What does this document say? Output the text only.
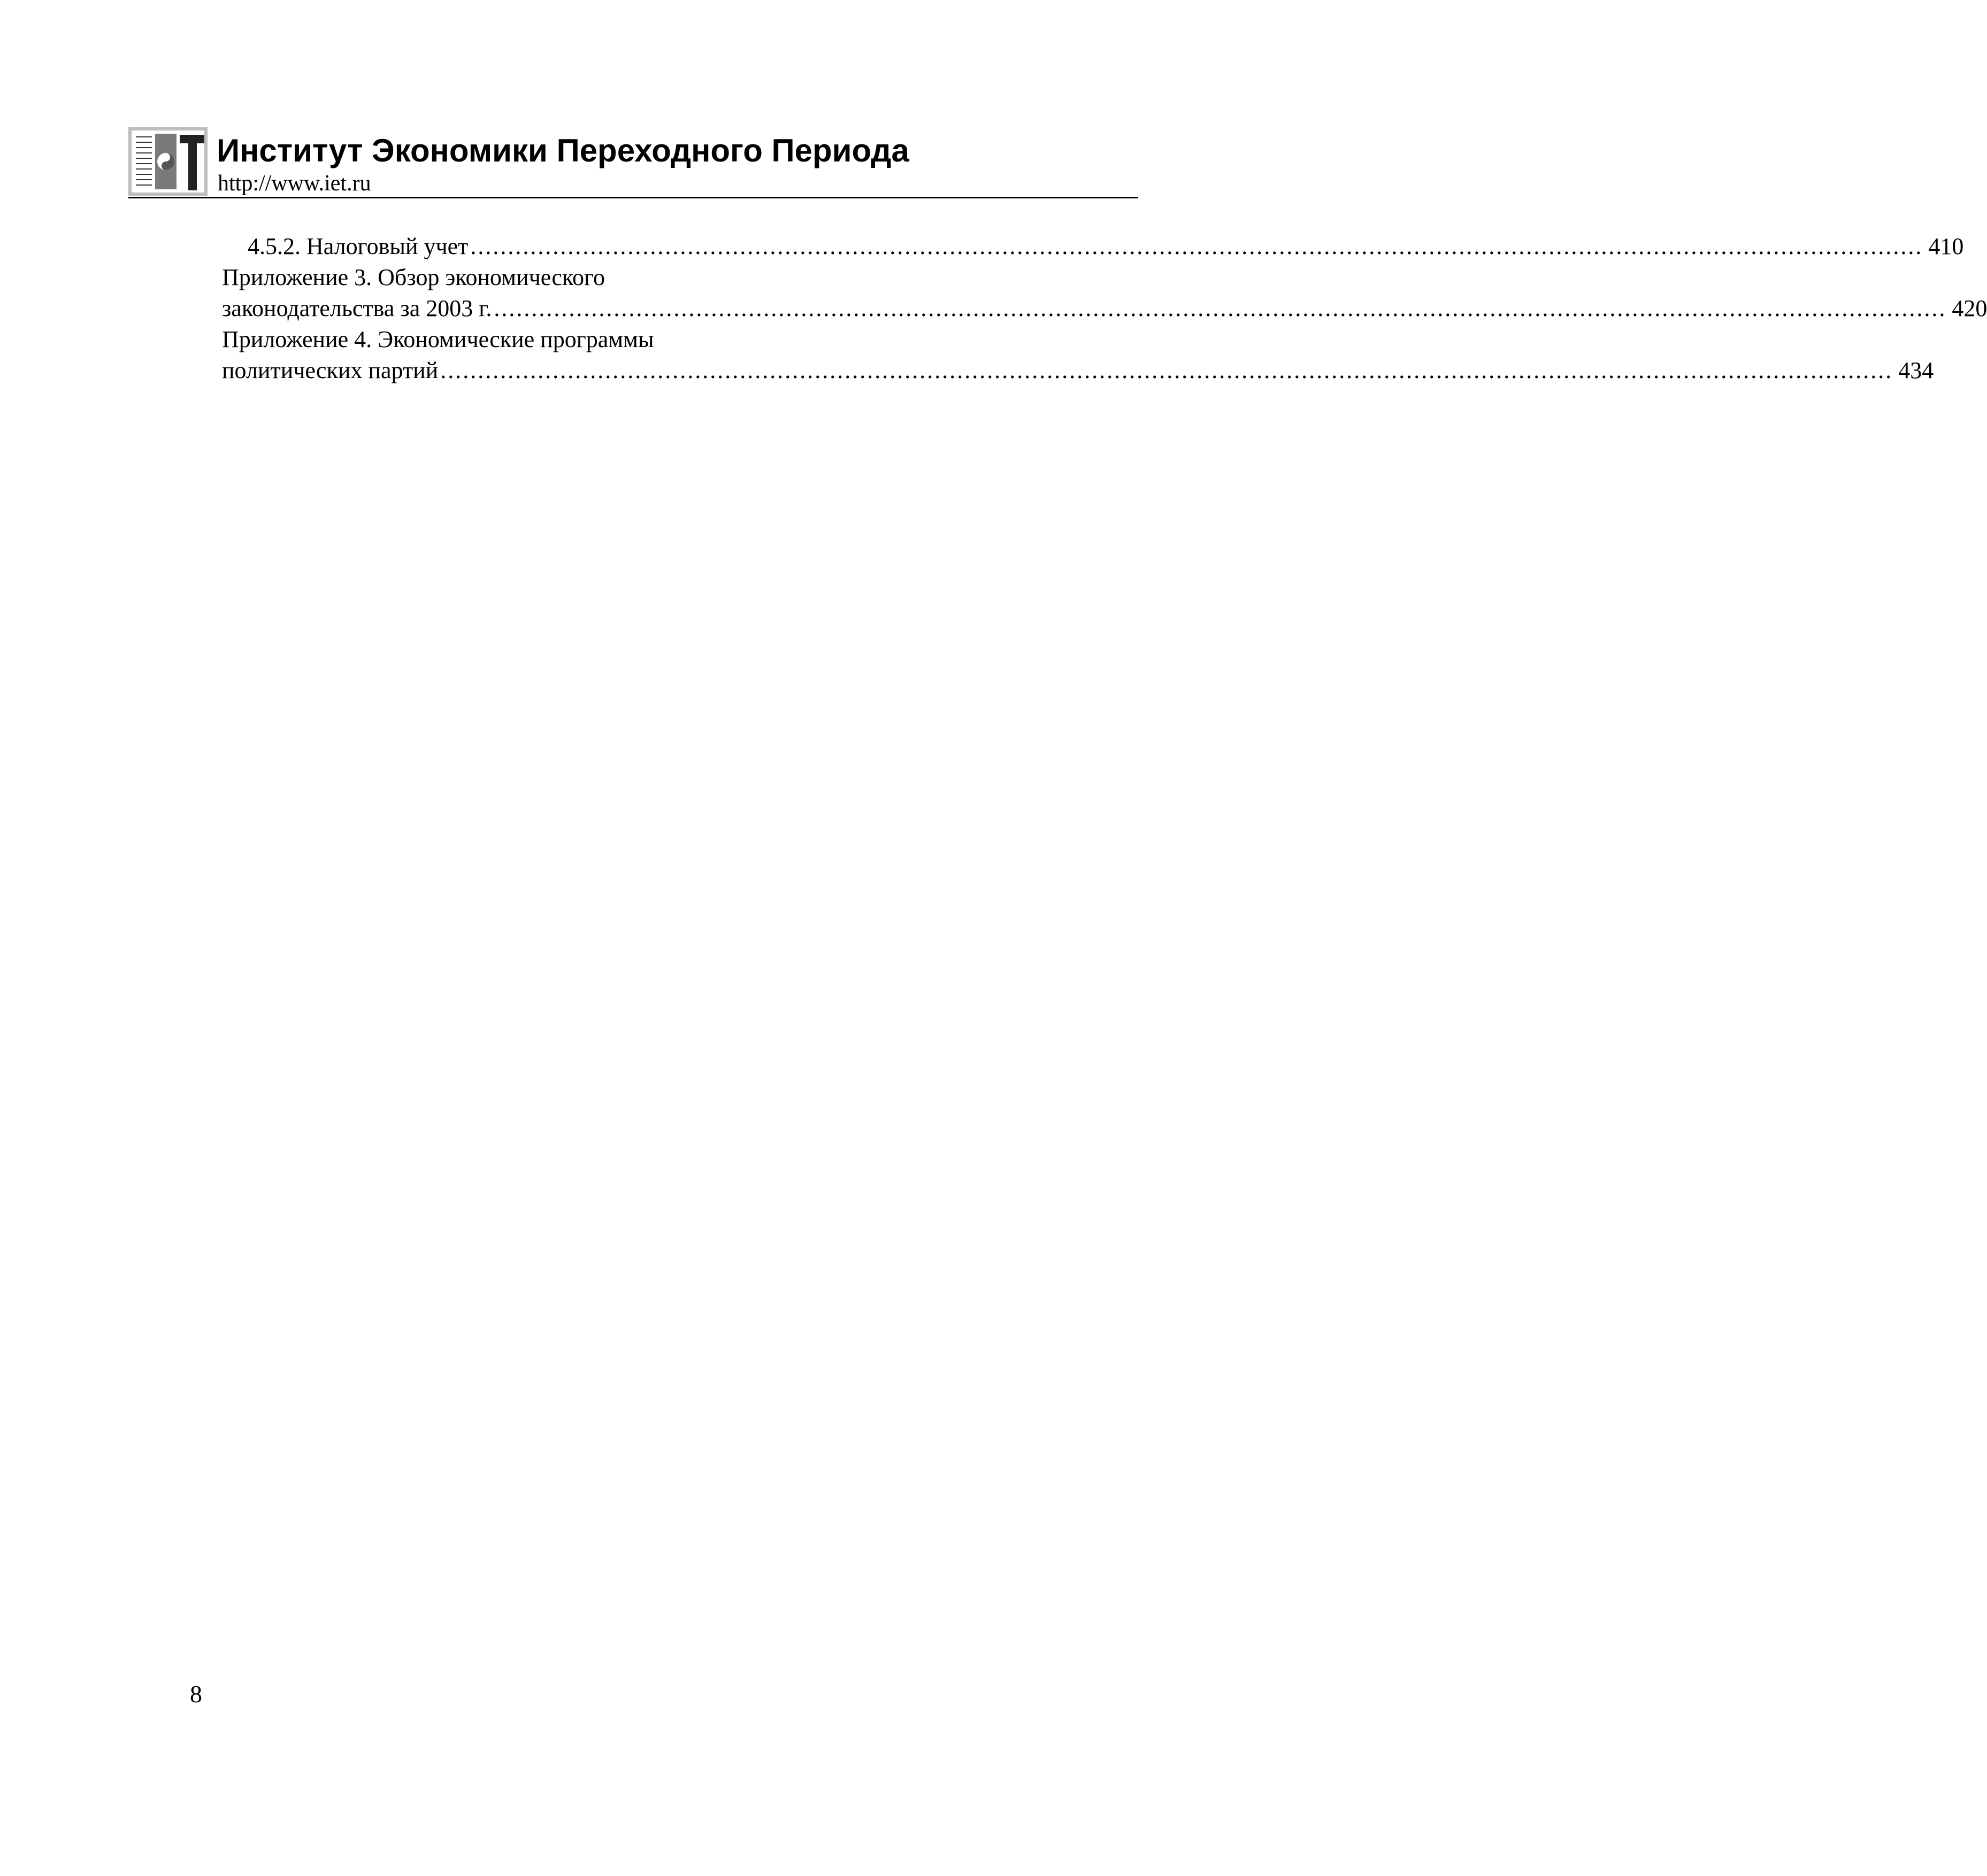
Институт Экономики Переходного Периода
http://www.iet.ru
4.5.2. Налоговый учет .................................................................................................................................................................................................. 410
Приложение 3. Обзор экономического
законодательства за 2003 г. .................................................................................................................................................................................................. 420
Приложение 4. Экономические программы
политических партий .................................................................................................................................................................................................. 434
8
